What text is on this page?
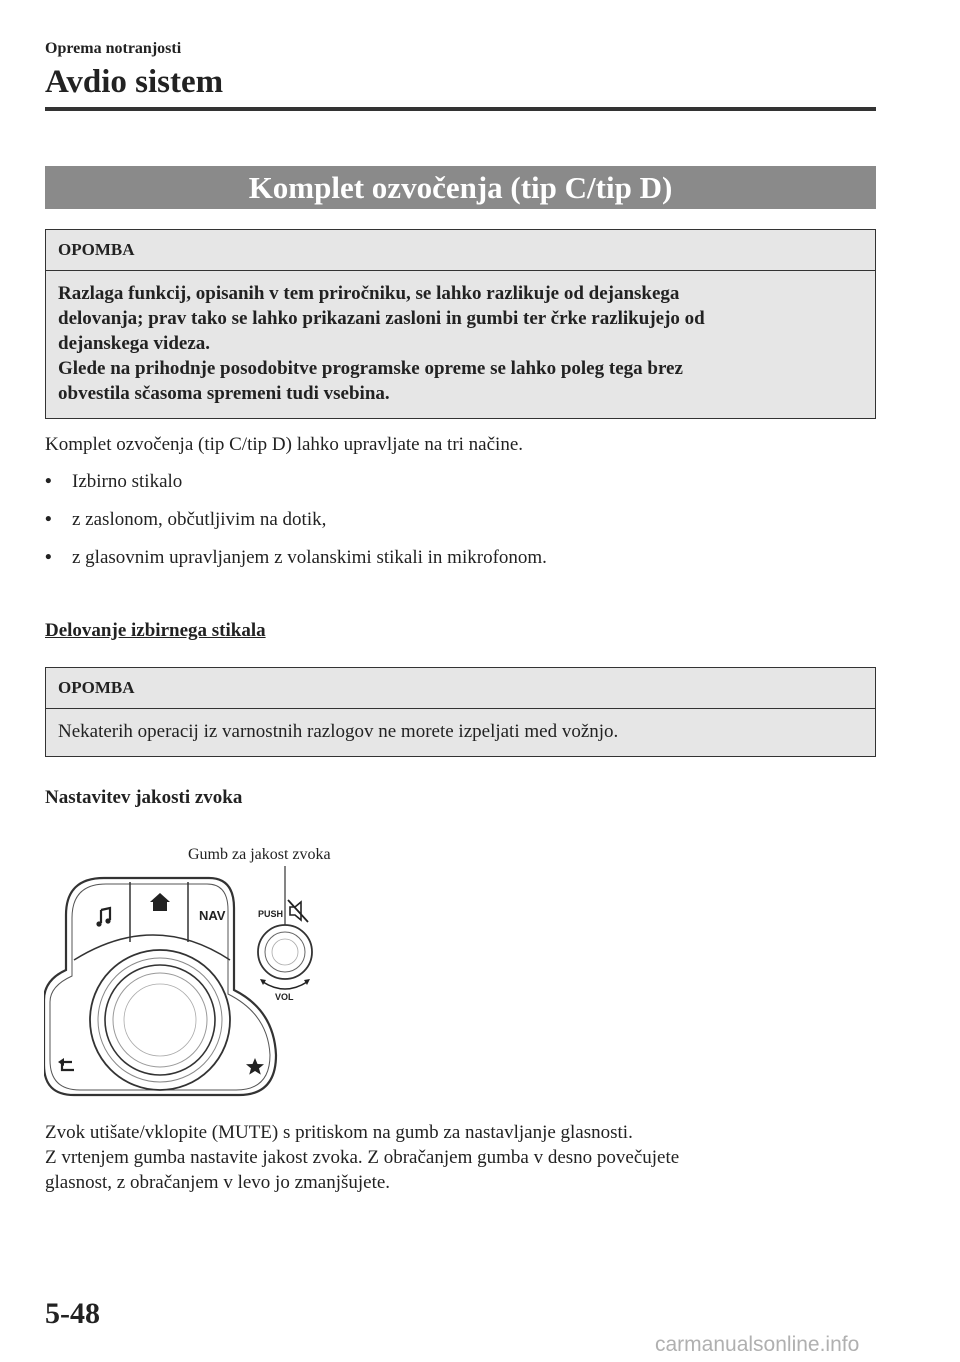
Oprema notranjosti
Avdio sistem
Komplet ozvočenja (tip C/tip D)
OPOMBA
Razlaga funkcij, opisanih v tem priročniku, se lahko razlikuje od dejanskega
delovanja; prav tako se lahko prikazani zasloni in gumbi ter črke razlikujejo od
dejanskega videza.
Glede na prihodnje posodobitve programske opreme se lahko poleg tega brez
obvestila sčasoma spremeni tudi vsebina.
Komplet ozvočenja (tip C/tip D) lahko upravljate na tri načine.
• Izbirno stikalo
• z zaslonom, občutljivim na dotik,
• z glasovnim upravljanjem z volanskimi stikali in mikrofonom.
Delovanje izbirnega stikala
OPOMBA
Nekaterih operacij iz varnostnih razlogov ne morete izpeljati med vožnjo.
Nastavitev jakosti zvoka
Gumb za jakost zvoka
NAV	PUSH
VOL
Zvok utišate/vklopite (MUTE) s pritiskom na gumb za nastavljanje glasnosti.
Z vrtenjem gumba nastavite jakost zvoka. Z obračanjem gumba v desno povečujete
glasnost, z obračanjem v levo jo zmanjšujete.
5-48
carmanualsonline.info
